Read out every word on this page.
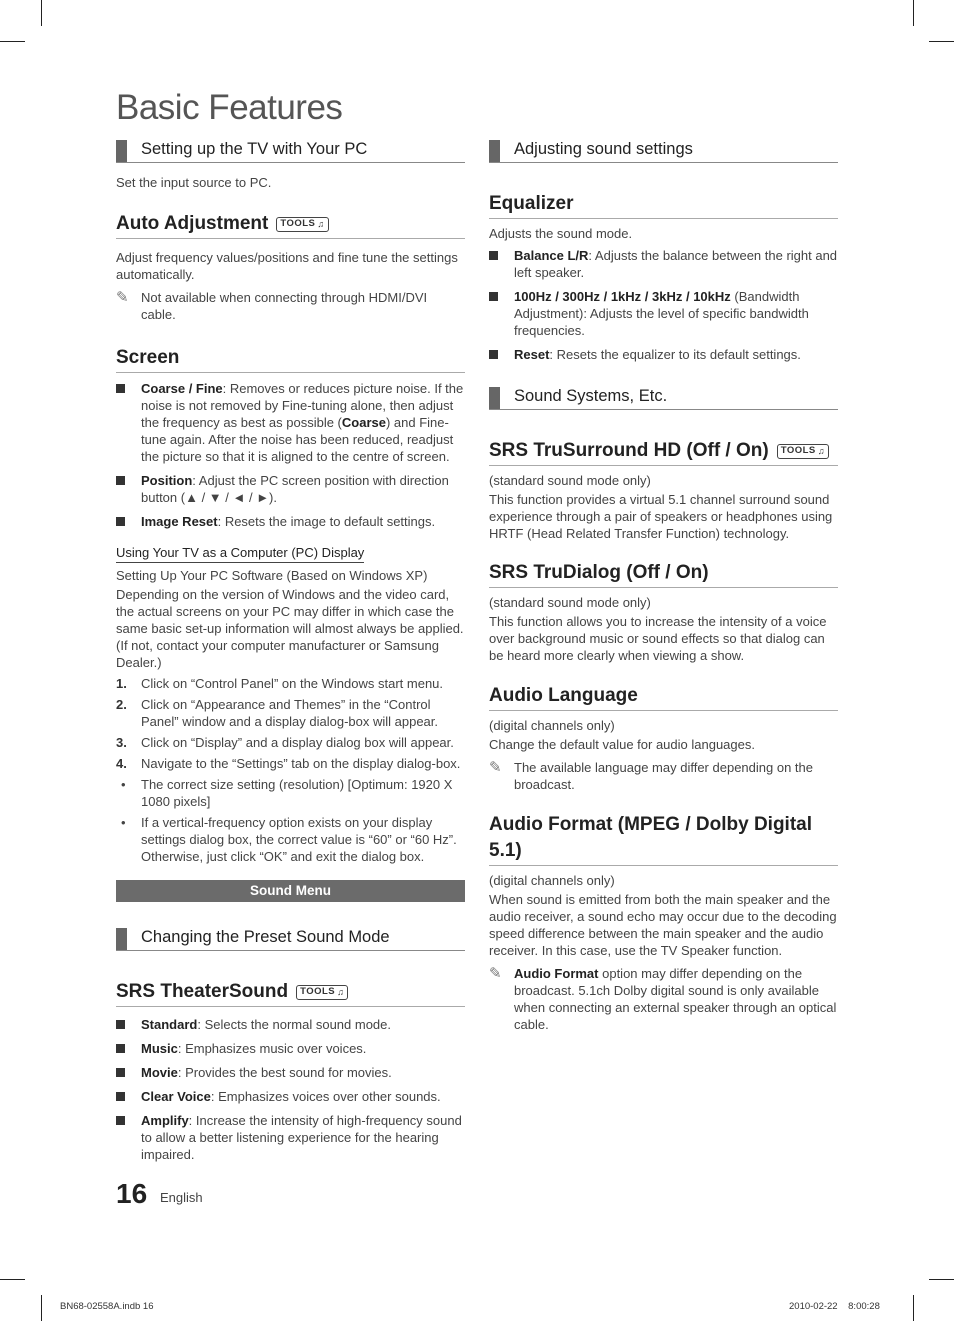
Basic Features
Setting up the TV with Your PC

Set the input source to PC.

Auto Adjustment TOOLS ♫

Adjust frequency values/positions and fine tune the settings automatically.

✎ Not available when connecting through HDMI/DVI cable.

Screen
Coarse / Fine: Removes or reduces picture noise. If the noise is not removed by Fine-tuning alone, then adjust the frequency as best as possible (Coarse) and Fine-tune again. After the noise has been reduced, readjust the picture so that it is aligned to the centre of screen.
Position: Adjust the PC screen position with direction button (▲ / ▼ / ◄ / ►).
Image Reset: Resets the image to default settings.
Using Your TV as a Computer (PC) Display

Setting Up Your PC Software (Based on Windows XP)

Depending on the version of Windows and the video card, the actual screens on your PC may differ in which case the same basic set-up information will almost always be applied. (If not, contact your computer manufacturer or Samsung Dealer.)

1. Click on “Control Panel” on the Windows start menu.
2. Click on “Appearance and Themes” in the “Control Panel” window and a display dialog-box will appear.
3. Click on “Display” and a display dialog box will appear.
4. Navigate to the “Settings” tab on the display dialog-box.
• The correct size setting (resolution) [Optimum: 1920 X 1080 pixels]
• If a vertical-frequency option exists on your display settings dialog box, the correct value is “60” or “60 Hz”. Otherwise, just click “OK” and exit the dialog box.
Sound Menu
Changing the Preset Sound Mode
SRS TheaterSound TOOLS ♫
Standard: Selects the normal sound mode.
Music: Emphasizes music over voices.
Movie: Provides the best sound for movies.
Clear Voice: Emphasizes voices over other sounds.
Amplify: Increase the intensity of high-frequency sound to allow a better listening experience for the hearing impaired.
Adjusting sound settings
Equalizer

Adjusts the sound mode.

Balance L/R: Adjusts the balance between the right and left speaker.
100Hz / 300Hz / 1kHz / 3kHz / 10kHz (Bandwidth Adjustment): Adjusts the level of specific bandwidth frequencies.
Reset: Resets the equalizer to its default settings.
Sound Systems, Etc.
SRS TruSurround HD (Off / On) TOOLS ♫

(standard sound mode only)

This function provides a virtual 5.1 channel surround sound experience through a pair of speakers or headphones using HRTF (Head Related Transfer Function) technology.

SRS TruDialog (Off / On)

(standard sound mode only)

This function allows you to increase the intensity of a voice over background music or sound effects so that dialog can be heard more clearly when viewing a show.

Audio Language

(digital channels only)

Change the default value for audio languages.

✎ The available language may differ depending on the broadcast.

Audio Format (MPEG / Dolby Digital 5.1)

(digital channels only)

When sound is emitted from both the main speaker and the audio receiver, a sound echo may occur due to the decoding speed difference between the main speaker and the audio receiver. In this case, use the TV Speaker function.

✎ Audio Format option may differ depending on the broadcast. 5.1ch Dolby digital sound is only available when connecting an external speaker through an optical cable.

16 English
BN68-02558A.indb 16	2010-02-22    8:00:28
